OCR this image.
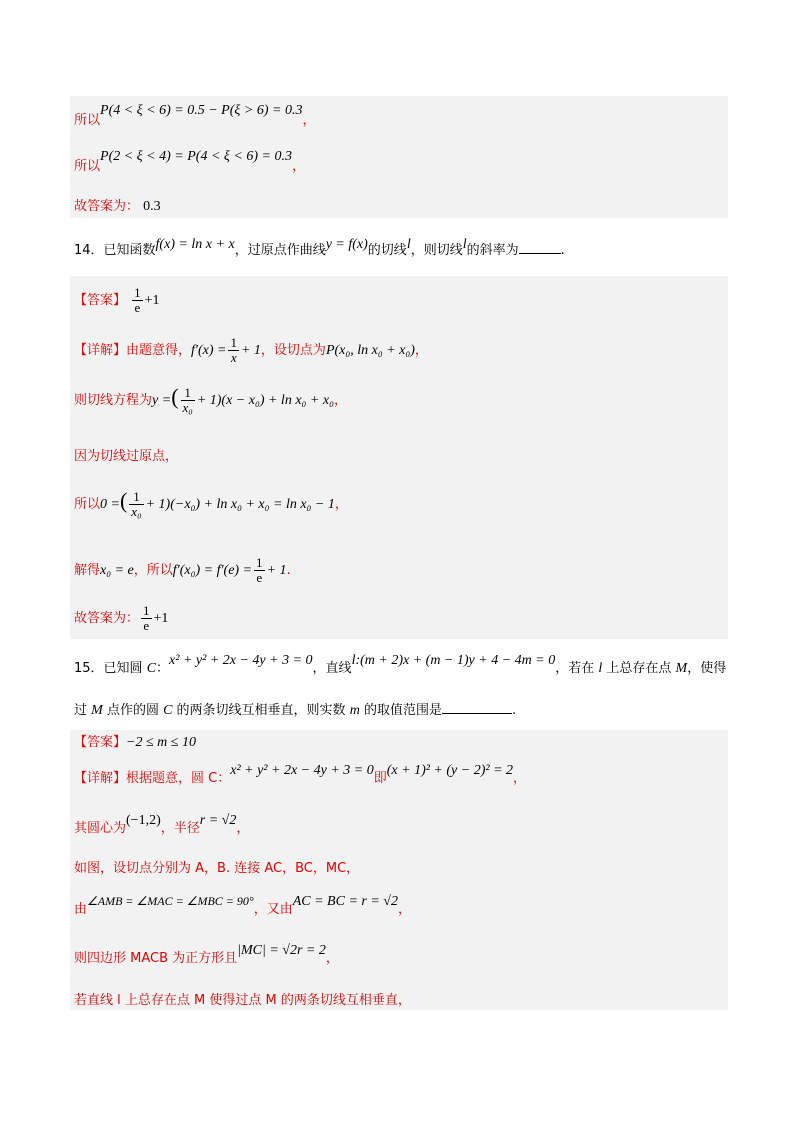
所以P(4 < ξ < 6) = 0.5 − P(ξ > 6) = 0.3，
所以P(2 < ξ < 4) = P(4 < ξ < 6) = 0.3，
故答案为： 0.3
14．已知函数f(x) = ln x + x，过原点作曲线y = f(x)的切线l，则切线l的斜率为	.
【答案】 $\frac{1}{e} +1$
【详解】由题意得，$f'(x) = \frac{1}{x} + 1$，设切点为P(x₀, ln x₀ + x₀)，
则切线方程为y =( $\frac{1}{\text{x₀}} + 1)(x - x_0) + \ln x_0 + x_0$，
因为切线过原点，
所以0 =( $\frac{1}{\text{x₀}} + 1)(-x_0) + \ln x_0 + x_0 = \ln x_0 - 1$，
解得x₀ = e，所以$f'(x_0) = f'(e) = \frac{1}{e} + 1$.
故答案为： $\frac{1}{e} +1$
15．已知圆 C：x² + y² + 2x − 4y + 3 = 0，直线l:(m + 2)x + (m − 1)y + 4 − 4m = 0，若在 l 上总存在点 M，使得
过 M 点作的圆 C 的两条切线互相垂直，则实数 m 的取值范围是	.
【答案】−2 ≤ m ≤ 10
【详解】根据题意，圆 C：x² + y² + 2x − 4y + 3 = 0即(x + 1)² + (y − 2)² = 2，
其圆心为(−1,2)，半径r = √2，
如图，设切点分别为 A，B. 连接 AC，BC，MC，
由∠AMB = ∠MAC = ∠MBC = 90°，又由AC = BC = r = √2，
则四边形 MACB 为正方形且|MC| = √2r = 2，
若直线 l 上总存在点 M 使得过点 M 的两条切线互相垂直，
